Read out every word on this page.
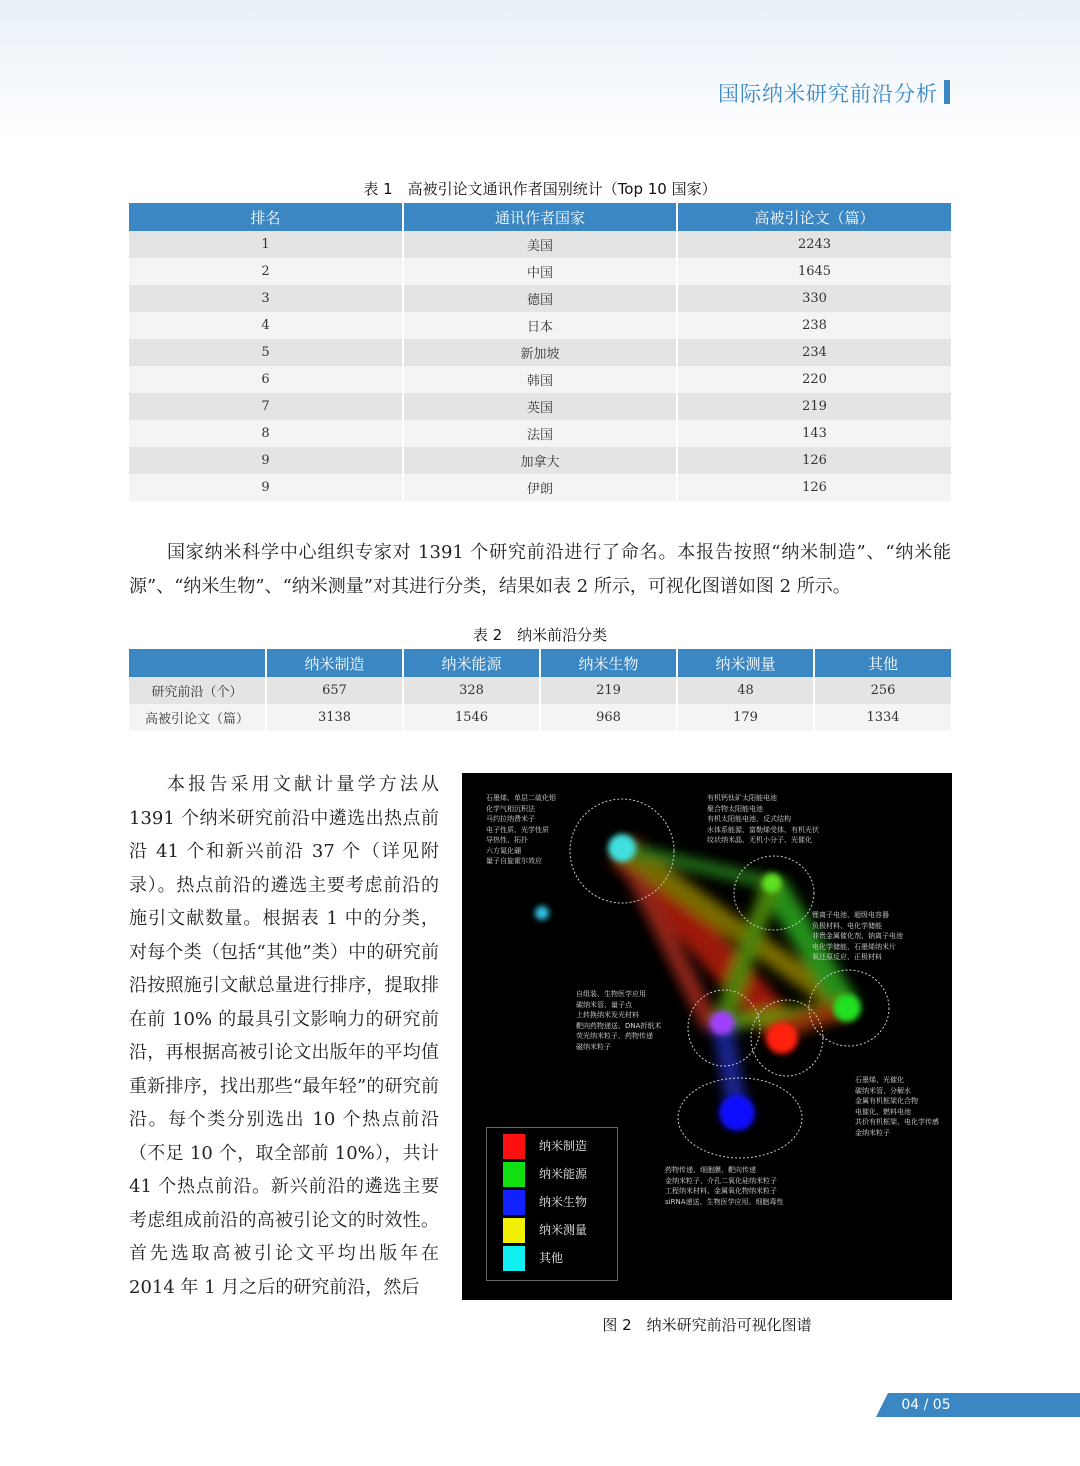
国际纳米研究前沿分析
表 1　高被引论文通讯作者国别统计（Top 10 国家）
排名	通讯作者国家	高被引论文（篇）
1	美国	2243
2	中国	1645
3	德国	330
4	日本	238
5	新加坡	234
6	韩国	220
7	英国	219
8	法国	143
9	加拿大	126
9	伊朗	126

国家纳米科学中心组织专家对 1391 个研究前沿进行了命名。本报告按照“纳米制造”、“纳米能源”、“纳米生物”、“纳米测量”对其进行分类，结果如表 2 所示，可视化图谱如图 2 所示。

表 2　纳米前沿分类
	纳米制造	纳米能源	纳米生物	纳米测量	其他
研究前沿（个）	657	328	219	48	256
高被引论文（篇）	3138	1546	968	179	1334

本报告采用文献计量学方法从 1391 个纳米研究前沿中遴选出热点前沿 41 个和新兴前沿 37 个（详见附录）。热点前沿的遴选主要考虑前沿的施引文献数量。根据表 1 中的分类，对每个类（包括“其他”类）中的研究前沿按照施引文献总量进行排序，提取排在前 10% 的最具引文影响力的研究前沿，再根据高被引论文出版年的平均值重新排序，找出那些“最年轻”的研究前沿。每个类分别选出 10 个热点前沿（不足 10 个，取全部前 10%），共计 41 个热点前沿。新兴前沿的遴选主要考虑组成前沿的高被引论文的时效性。首先选取高被引论文平均出版年在 2014 年 1 月之后的研究前沿，然后

石墨烯、单层二硫化钼
化学气相沉积法
马约拉纳费米子
电子性质、光学性质
导热性、拓扑
六方氮化硼
量子自旋霍尔效应
有机钙钛矿太阳能电池
聚合物太阳能电池
有机太阳能电池、反式结构
水体系能源、富勒烯受体、有机光伏
纹状纳米晶、无机小分子、光催化
锂离子电池、超级电容器
负极材料、电化学储能
非贵金属催化剂、钠离子电池
电化学储能、石墨烯纳米片
氧还原反应、正极材料
自组装、生物医学应用
碳纳米管、量子点
上转换纳米发光材料
靶向药物递送、DNA折纸术
荧光纳米粒子、药物传递
磁纳米粒子
石墨烯、光催化
碳纳米管、分解水
金属有机框架化合物
电催化、燃料电池
共价有机框架、电化学传感
金纳米粒子
药物传递、细胞膜、靶向传递
金纳米粒子、介孔二氧化硅纳米粒子
工程纳米材料、金属氧化物纳米粒子
siRNA递送、生物医学应用、细胞毒性
纳米制造
纳米能源
纳米生物
纳米测量
其他
图 2　纳米研究前沿可视化图谱
04 / 05
